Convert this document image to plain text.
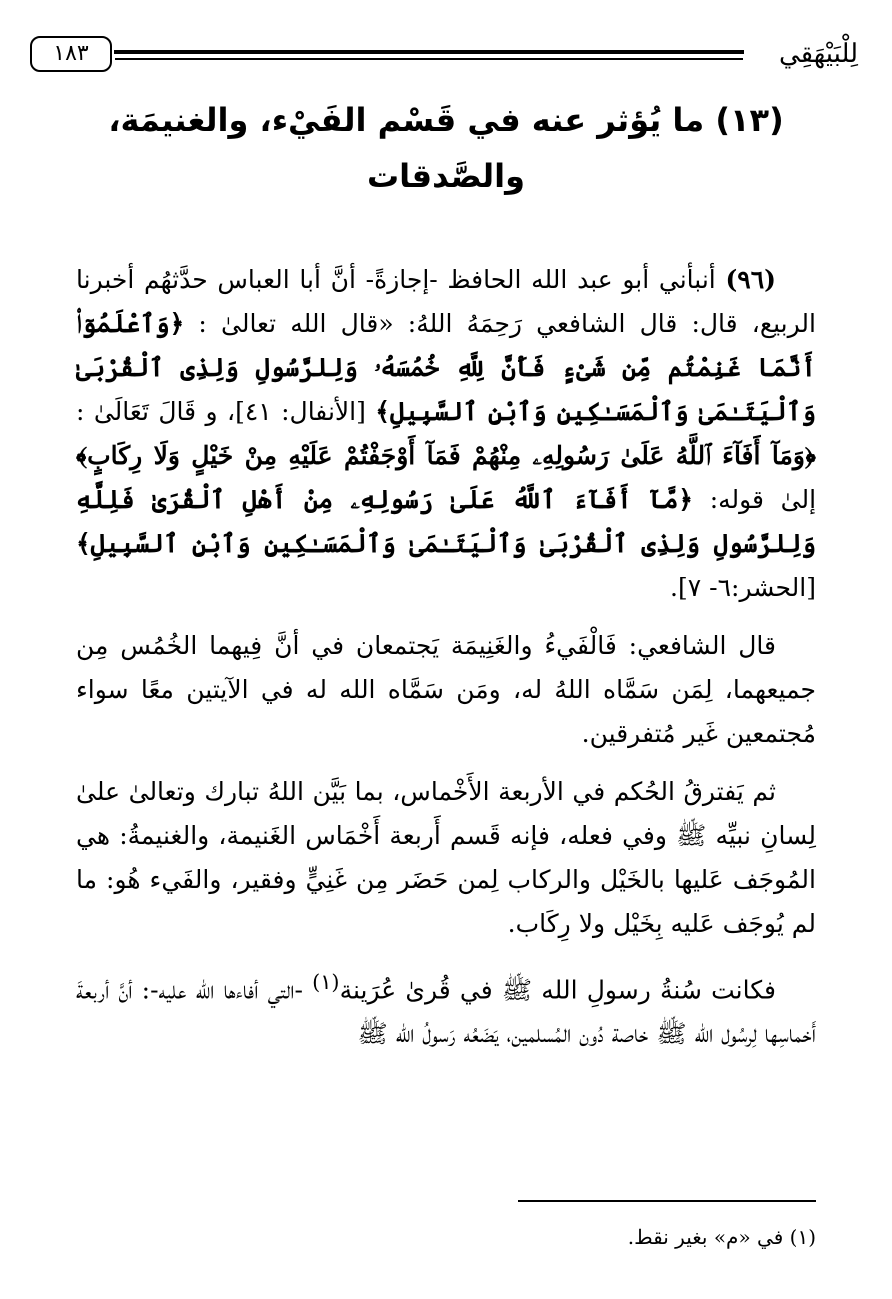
١٨٣	لِلْبَيْهَقِي
(١٣) ما يُؤثر عنه في قَسْم الفَيْء، والغنيمَة، والصَّدقات

(٩٦) أنبأني أبو عبد الله الحافظ -إجازةً- أنَّ أبا العباس حدَّثهُم أخبرنا الربيع، قال: قال الشافعي رَحِمَهُ اللهُ: «قال الله تعالىٰ : ﴿وَٱعْلَمُوٓا۟ أَنَّمَا غَنِمْتُم مِّن شَىْءٍ فَأَنَّ لِلَّهِ خُمُسَهُۥ وَلِلرَّسُولِ وَلِذِى ٱلْقُرْبَىٰ وَٱلْيَتَـٰمَىٰ وَٱلْمَسَـٰكِينِ وَٱبْنِ ٱلسَّبِيلِ﴾ [الأنفال: ٤١]، و قَالَ تَعَالَىٰ : ﴿وَمَآ أَفَآءَ ٱللَّهُ عَلَىٰ رَسُولِهِۦ مِنْهُمْ فَمَآ أَوْجَفْتُمْ عَلَيْهِ مِنْ خَيْلٍ وَلَا رِكَابٍ﴾ إلىٰ قوله: ﴿مَّآ أَفَآءَ ٱللَّهُ عَلَىٰ رَسُولِهِۦ مِنْ أَهْلِ ٱلْقُرَىٰ فَلِلَّهِ وَلِلرَّسُولِ وَلِذِى ٱلْقُرْبَىٰ وَٱلْيَتَـٰمَىٰ وَٱلْمَسَـٰكِينِ وَٱبْنِ ٱلسَّبِيلِ﴾ [الحشر:٦- ٧].

قال الشافعي: فَالْفَيءُ والغَنِيمَة يَجتمعان في أنَّ فِيهما الخُمُس مِن جميعهما، لِمَن سَمَّاه اللهُ له، ومَن سَمَّاه الله له في الآيتين معًا سواء مُجتمعين غَير مُتفرقين.

ثم يَفترقُ الحُكم في الأربعة الأَخْماس، بما بَيَّن اللهُ تبارك وتعالىٰ علىٰ لِسانِ نبيِّه ﷺ وفي فعله، فإنه قَسم أَربعة أَخْمَاس الغَنيمة، والغنيمةُ: هي المُوجَف عَليها بالخَيْل والركاب لِمن حَضَر مِن غَنِيٍّ وفقير، والفَيء هُو: ما لم يُوجَف عَليه بِخَيْل ولا رِكَاب.

فكانت سُنةُ رسولِ الله ﷺ في قُرىٰ عُرَينة$^{(١)}$ -التي أفاءها الله عليه-: أنَّ أربعةَ أَخماسِها لِرسُول الله ﷺ خاصة دُون المُسلمين، يَضَعُه رَسولُ الله ﷺ

(١) في «م» بغير نقط.
